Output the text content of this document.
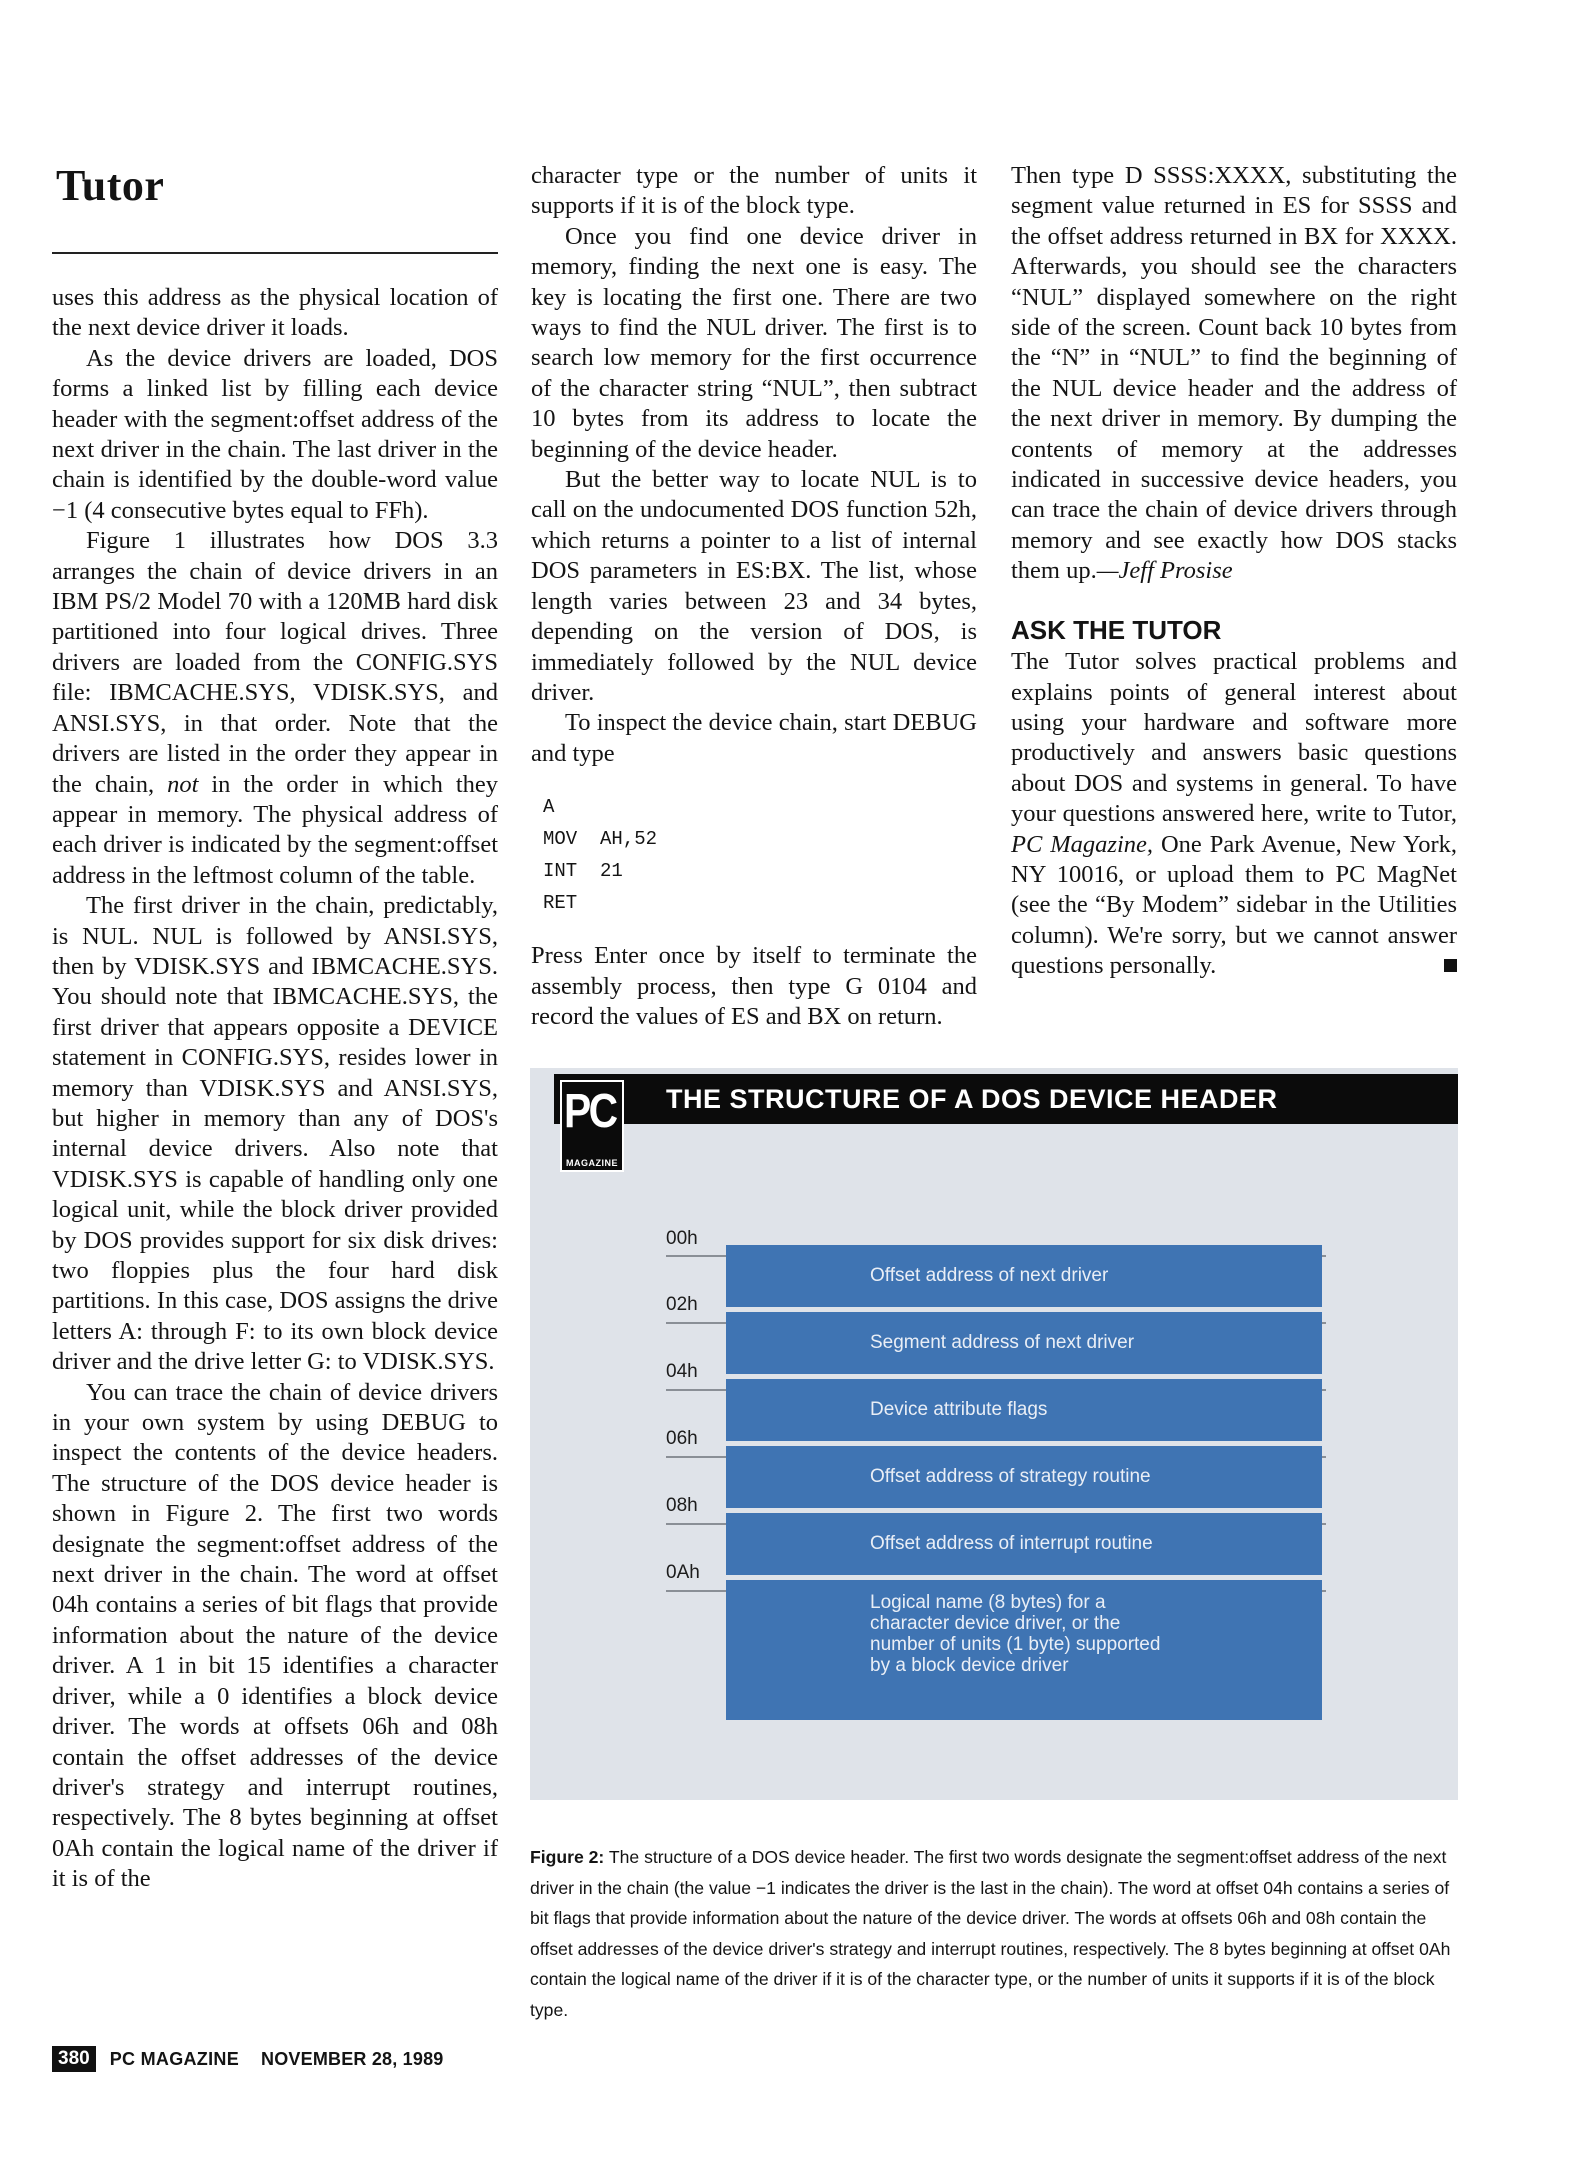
Tutor

uses this address as the physical location of the next device driver it loads.

As the device drivers are loaded, DOS forms a linked list by filling each device header with the segment:offset address of the next driver in the chain. The last driver in the chain is identified by the double-word value −1 (4 consecutive bytes equal to FFh).

Figure 1 illustrates how DOS 3.3 arranges the chain of device drivers in an IBM PS/2 Model 70 with a 120MB hard disk partitioned into four logical drives. Three drivers are loaded from the CONFIG.SYS file: IBMCACHE.SYS, VDISK.SYS, and ANSI.SYS, in that order. Note that the drivers are listed in the order they appear in the chain, not in the order in which they appear in memory. The physical address of each driver is indicated by the segment:offset address in the leftmost column of the table.

The first driver in the chain, predictably, is NUL. NUL is followed by ANSI.SYS, then by VDISK.SYS and IBMCACHE.SYS. You should note that IBMCACHE.SYS, the first driver that appears opposite a DEVICE statement in CONFIG.SYS, resides lower in memory than VDISK.SYS and ANSI.SYS, but higher in memory than any of DOS's internal device drivers. Also note that VDISK.SYS is capable of handling only one logical unit, while the block driver provided by DOS provides support for six disk drives: two floppies plus the four hard disk partitions. In this case, DOS assigns the drive letters A: through F: to its own block device driver and the drive letter G: to VDISK.SYS.

You can trace the chain of device drivers in your own system by using DEBUG to inspect the contents of the device headers. The structure of the DOS device header is shown in Figure 2. The first two words designate the segment:offset address of the next driver in the chain. The word at offset 04h contains a series of bit flags that provide information about the nature of the device driver. A 1 in bit 15 identifies a character driver, while a 0 identifies a block device driver. The words at offsets 06h and 08h contain the offset addresses of the device driver's strategy and interrupt routines, respectively. The 8 bytes beginning at offset 0Ah contain the logical name of the driver if it is of the

character type or the number of units it supports if it is of the block type.

Once you find one device driver in memory, finding the next one is easy. The key is locating the first one. There are two ways to find the NUL driver. The first is to search low memory for the first occurrence of the character string “NUL”, then subtract 10 bytes from its address to locate the beginning of the device header.

But the better way to locate NUL is to call on the undocumented DOS function 52h, which returns a pointer to a list of internal DOS parameters in ES:BX. The list, whose length varies between 23 and 34 bytes, depending on the version of DOS, is immediately followed by the NUL device driver.

To inspect the device chain, start DEBUG and type

A
MOV  AH,52
INT  21
RET

Press Enter once by itself to terminate the assembly process, then type G 0104 and record the values of ES and BX on return.

Then type D SSSS:XXXX, substituting the segment value returned in ES for SSSS and the offset address returned in BX for XXXX. Afterwards, you should see the characters “NUL” displayed somewhere on the right side of the screen. Count back 10 bytes from the “N” in “NUL” to find the beginning of the NUL device header and the address of the next driver in memory. By dumping the contents of memory at the addresses indicated in successive device headers, you can trace the chain of device drivers through memory and see exactly how DOS stacks them up.—Jeff Prosise

ASK THE TUTOR

The Tutor solves practical problems and explains points of general interest about using your hardware and software more productively and answers basic questions about DOS and systems in general. To have your questions answered here, write to Tutor, PC Magazine, One Park Avenue, New York, NY 10016, or upload them to PC MagNet (see the “By Modem” sidebar in the Utilities column). We're sorry, but we cannot answer questions personally.

THE STRUCTURE OF A DOS DEVICE HEADER
PC
MAGAZINE
00h
02h
04h
06h
08h
0Ah
Offset address of next driver
Segment address of next driver
Device attribute flags
Offset address of strategy routine
Offset address of interrupt routine
Logical name (8 bytes) for a
character device driver, or the
number of units (1 byte) supported
by a block device driver
Figure 2: The structure of a DOS device header. The first two words designate the segment:offset address of the next driver in the chain (the value −1 indicates the driver is the last in the chain). The word at offset 04h contains a series of bit flags that provide information about the nature of the device driver. The words at offsets 06h and 08h contain the offset addresses of the device driver's strategy and interrupt routines, respectively. The 8 bytes beginning at offset 0Ah contain the logical name of the driver if it is of the character type, or the number of units it supports if it is of the block type.
380	PC MAGAZINE NOVEMBER 28, 1989
